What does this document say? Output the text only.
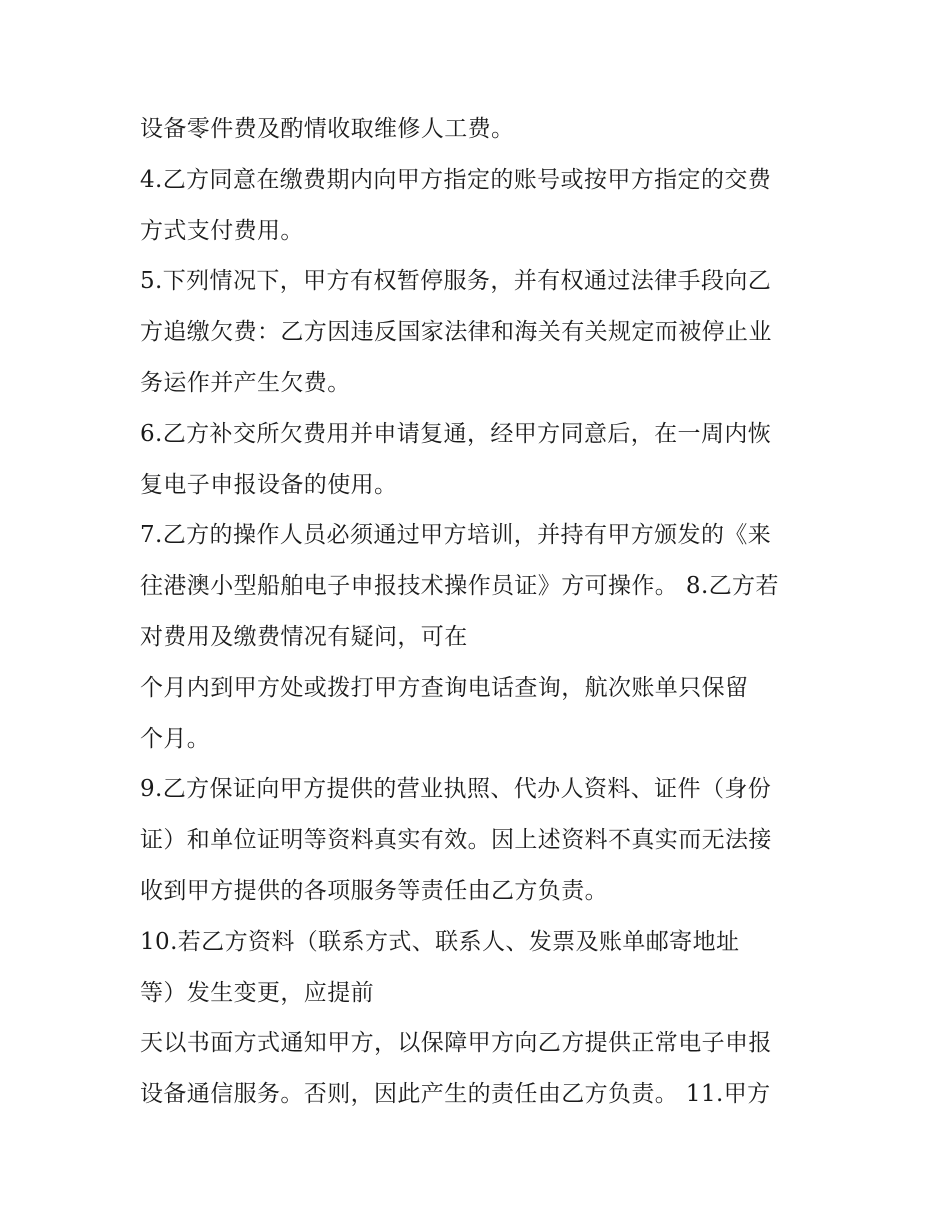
设备零件费及酌情收取维修人工费。
4.乙方同意在缴费期内向甲方指定的账号或按甲方指定的交费
方式支付费用。
5.下列情况下，甲方有权暂停服务，并有权通过法律手段向乙
方追缴欠费：乙方因违反国家法律和海关有关规定而被停止业
务运作并产生欠费。
6.乙方补交所欠费用并申请复通，经甲方同意后，在一周内恢
复电子申报设备的使用。
7.乙方的操作人员必须通过甲方培训，并持有甲方颁发的《来
往港澳小型船舶电子申报技术操作员证》方可操作。 8.乙方若
对费用及缴费情况有疑问，可在
个月内到甲方处或拨打甲方查询电话查询，航次账单只保留
个月。
9.乙方保证向甲方提供的营业执照、代办人资料、证件（身份
证）和单位证明等资料真实有效。因上述资料不真实而无法接
收到甲方提供的各项服务等责任由乙方负责。
10.若乙方资料（联系方式、联系人、发票及账单邮寄地址
等）发生变更，应提前
天以书面方式通知甲方，以保障甲方向乙方提供正常电子申报
设备通信服务。否则，因此产生的责任由乙方负责。 11.甲方
